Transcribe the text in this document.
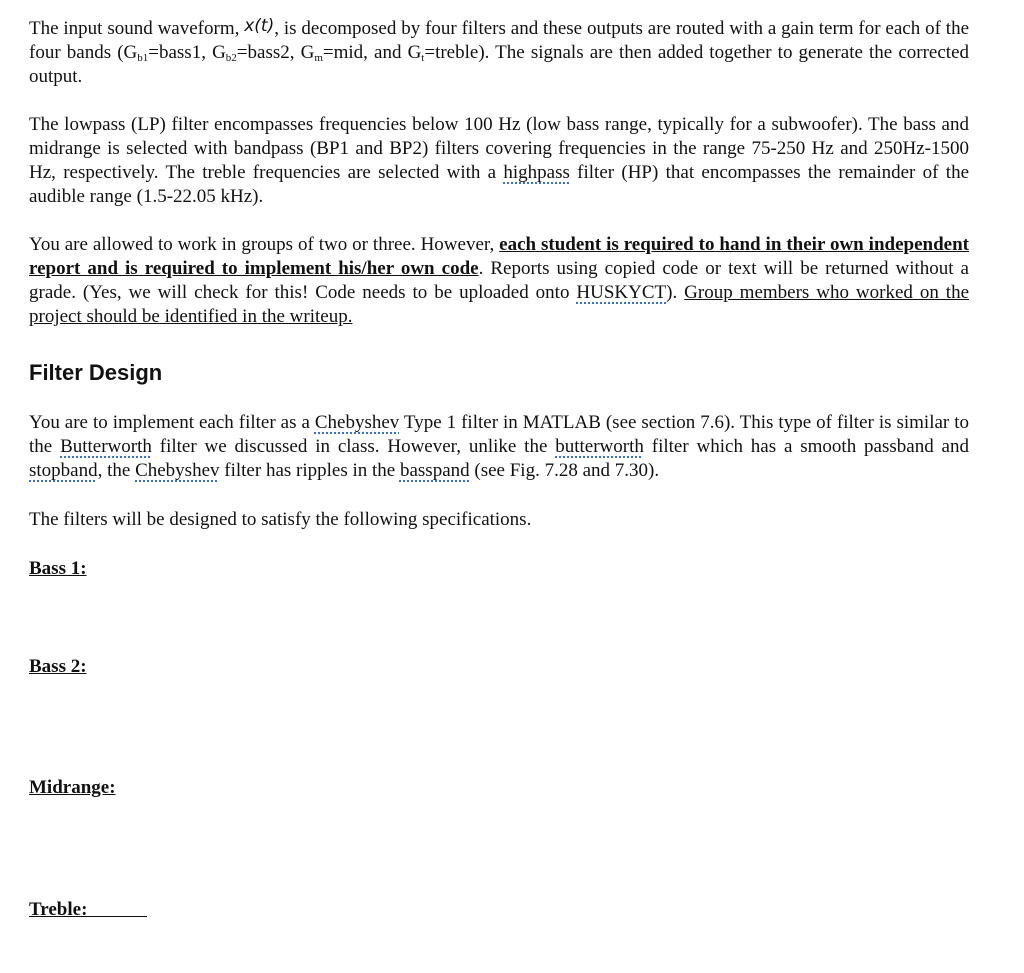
The input sound waveform, x(t), is decomposed by four filters and these outputs are routed with a gain term for each of the four bands ($G_{b1}=bass1$, $G_{b2}=bass2$, $G_m=mid$, and $G_t=treble$). The signals are then added together to generate the corrected output.

The lowpass (LP) filter encompasses frequencies below 100 Hz (low bass range, typically for a subwoofer). The bass and midrange is selected with bandpass (BP1 and BP2) filters covering frequencies in the range 75-250 Hz and 250Hz-1500 Hz, respectively. The treble frequencies are selected with a highpass filter (HP) that encompasses the remainder of the audible range (1.5-22.05 kHz).

You are allowed to work in groups of two or three. However, each student is required to hand in their own independent report and is required to implement his/her own code. Reports using copied code or text will be returned without a grade. (Yes, we will check for this! Code needs to be uploaded onto HUSKYCT). Group members who worked on the project should be identified in the writeup.

Filter Design

You are to implement each filter as a Chebyshev Type 1 filter in MATLAB (see section 7.6). This type of filter is similar to the Butterworth filter we discussed in class. However, unlike the butterworth filter which has a smooth passband and stopband, the Chebyshev filter has ripples in the basspand (see Fig. 7.28 and 7.30).

The filters will be designed to satisfy the following specifications.

Bass 1:
Bass 2:
Midrange:
Treble:
